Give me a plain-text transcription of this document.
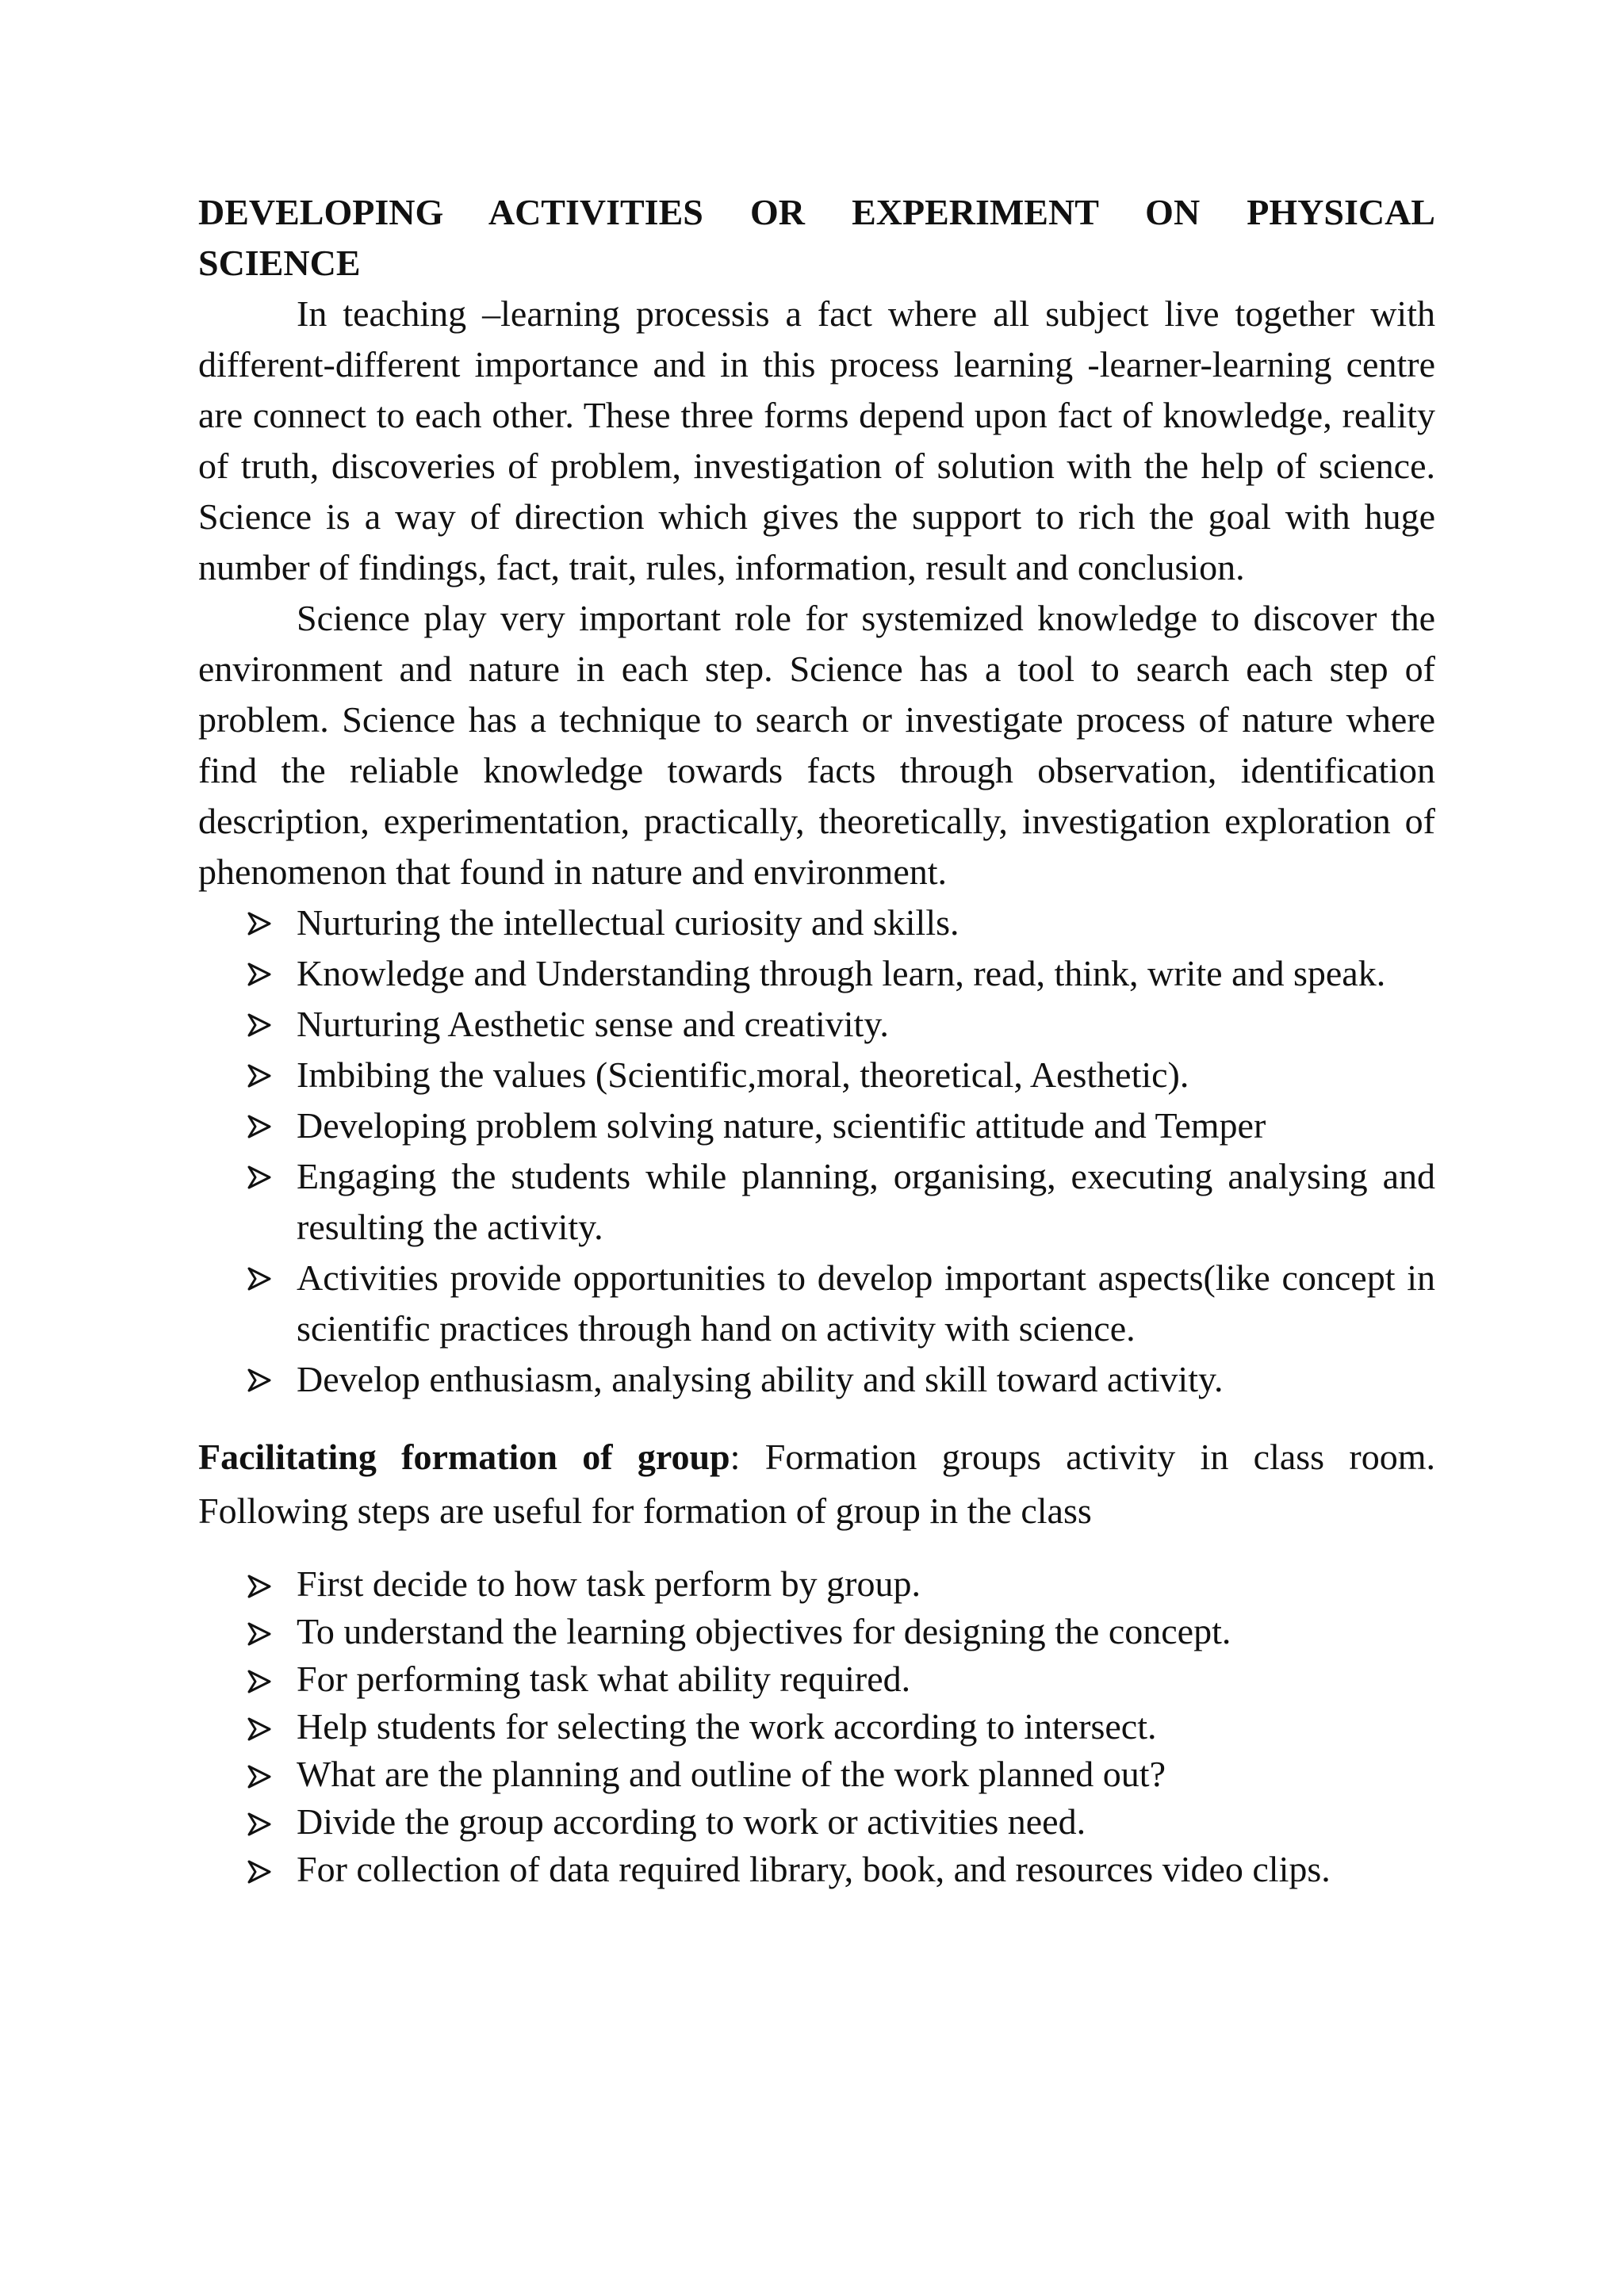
DEVELOPING ACTIVITIES OR EXPERIMENT ON PHYSICAL SCIENCE

In teaching –learning processis a fact where all subject live together with different-different importance and in this process learning -learner-learning centre are connect to each other. These three forms depend upon fact of knowledge, reality of truth, discoveries of problem, investigation of solution with the help of science. Science is a way of direction which gives the support to rich the goal with huge number of findings, fact, trait, rules, information, result and conclusion.

Science play very important role for systemized knowledge to discover the environment and nature in each step. Science has a tool to search each step of problem. Science has a technique to search or investigate process of nature where find the reliable knowledge towards facts through observation, identification description, experimentation, practically, theoretically, investigation exploration of phenomenon that found in nature and environment.

Nurturing the intellectual curiosity and skills.
Knowledge and Understanding through learn, read, think, write and speak.
Nurturing Aesthetic sense and creativity.
Imbibing the values (Scientific,moral, theoretical, Aesthetic).
Developing problem solving nature, scientific attitude and Temper
Engaging the students while planning, organising, executing analysing and resulting the activity.
Activities provide opportunities to develop important aspects(like concept in scientific practices through hand on activity with science.
Develop enthusiasm, analysing ability and skill toward activity.

Facilitating formation of group: Formation groups activity in class room. Following steps are useful for formation of group in the class

First decide to how task perform by group.
To understand the learning objectives for designing the concept.
For performing task what ability required.
Help students for selecting the work according to intersect.
What are the planning and outline of the work planned out?
Divide the group according to work or activities need.
For collection of data required library, book, and resources video clips.
